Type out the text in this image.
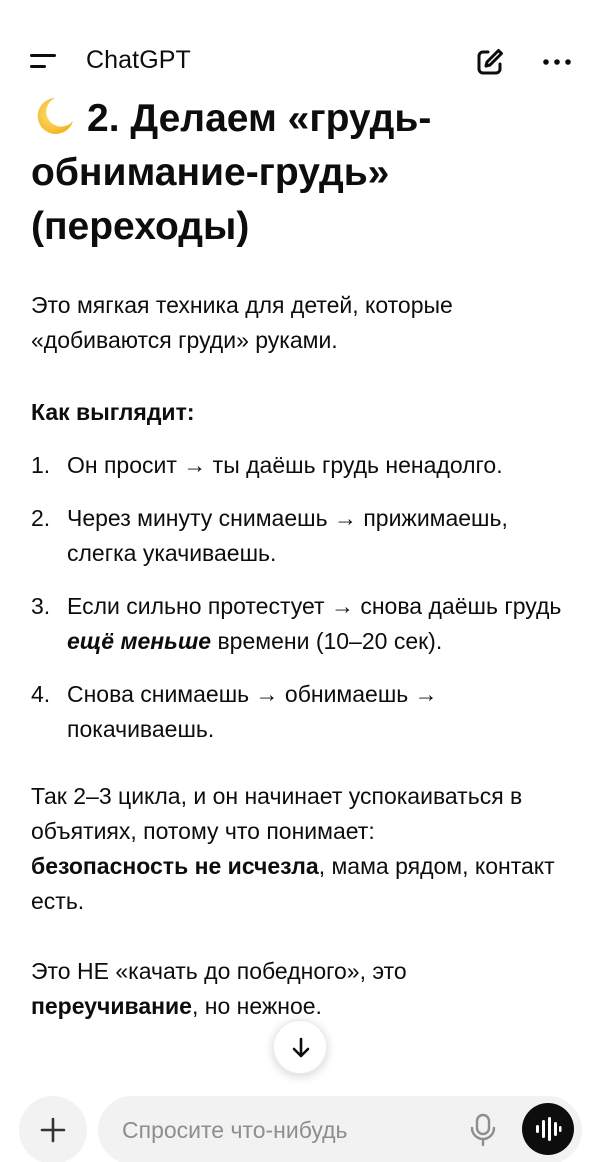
ChatGPT
2. Делаем «грудь-обнимание-грудь» (переходы)

Это мягкая техника для детей, которые «добиваются груди» руками.

Как выглядит:

1. Он просит → ты даёшь грудь ненадолго.
2. Через минуту снимаешь → прижимаешь, слегка укачиваешь.
3. Если сильно протестует → снова даёшь грудь ещё меньше времени (10–20 сек).
4. Снова снимаешь → обнимаешь → покачиваешь.

Так 2–3 цикла, и он начинает успокаиваться в объятиях, потому что понимает:
безопасность не исчезла, мама рядом, контакт есть.

Это НЕ «качать до победного», это переучивание, но нежное.

Спросите что-нибудь
